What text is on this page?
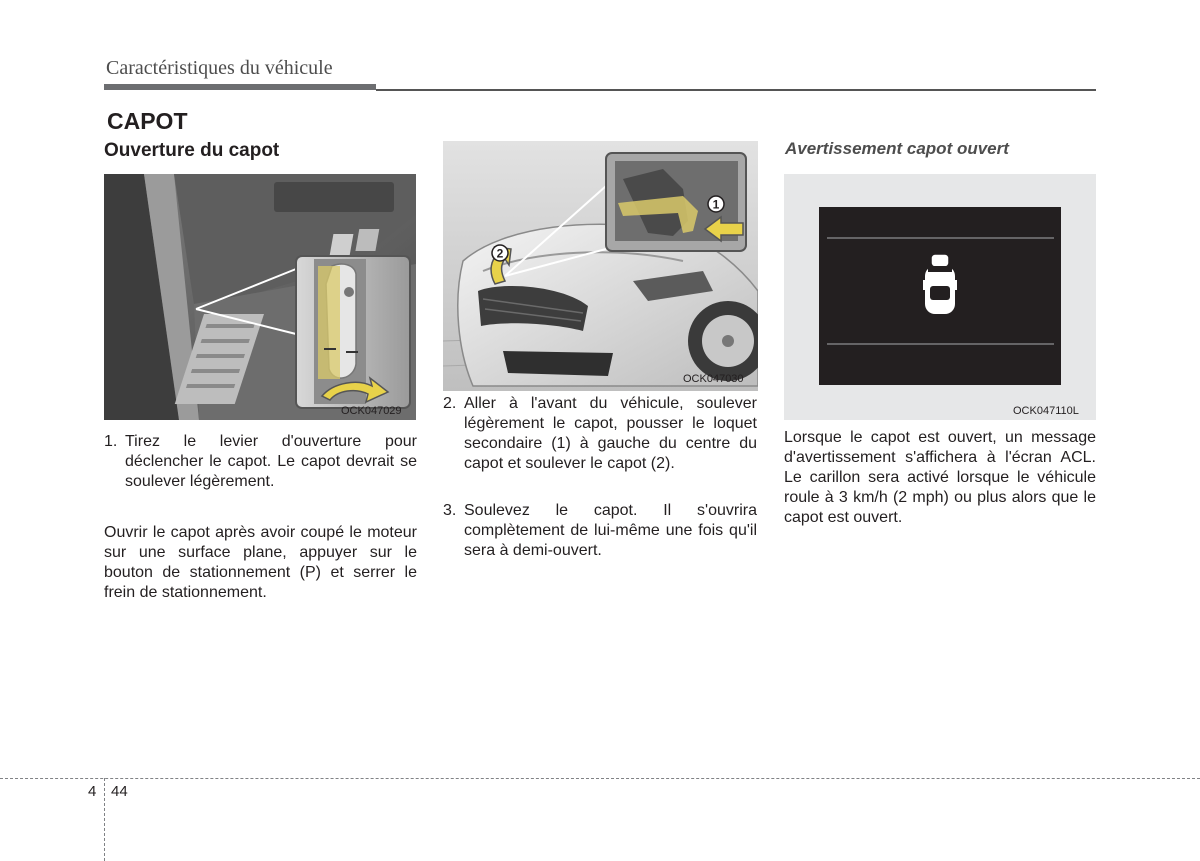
Caractéristiques du véhicule
CAPOT
Ouverture du capot	Avertissement capot ouvert
OCK047029
1
2
OCK047030
OCK047110L
1. Tirez le levier d'ouverture pour déclencher le capot. Le capot devrait se soulever légèrement.
Ouvrir le capot après avoir coupé le moteur sur une surface plane, appuyer sur le bouton de stationnement (P) et serrer le frein de stationnement.
2. Aller à l'avant du véhicule, soulever légèrement le capot, pousser le loquet secondaire (1) à gauche du centre du capot et soulever le capot (2).
3. Soulevez le capot. Il s'ouvrira complètement de lui-même une fois qu'il sera à demi-ouvert.
Lorsque le capot est ouvert, un message d'avertissement s'affichera à l'écran ACL. Le carillon sera activé lorsque le véhicule roule à 3 km/h (2 mph) ou plus alors que le capot est ouvert.
4 44
